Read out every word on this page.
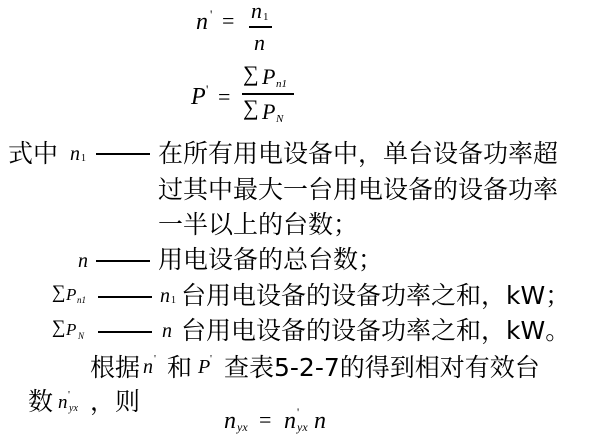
n ' = n 1
n
P ' =
∑ P n1
∑ P N
式中 n 1	在所有用电设备中，单台设备功率超
过其中最大一台用电设备的设备功率
一半以上的台数；
n	用电设备的总台数；
∑ P n1	n 1 台用电设备的设备功率之和，kW；
∑ P N	n 台用电设备的设备功率之和，kW。
根据 n ' 和 P ' 查表5-2-7的得到相对有效台
数 n '
yx ，则
n yx = n '
yx n
